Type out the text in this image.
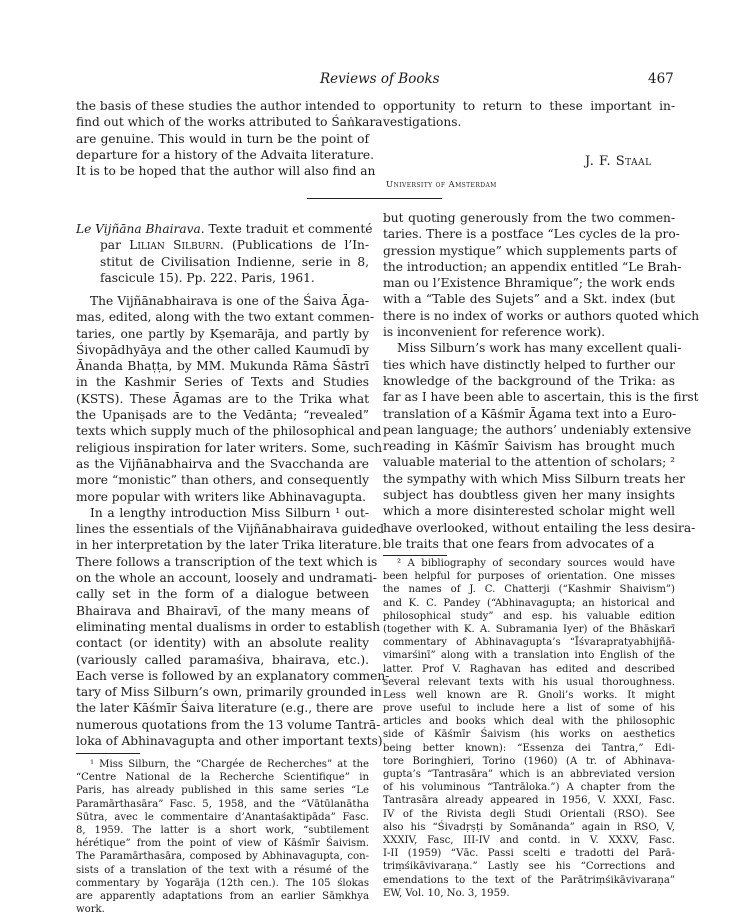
Reviews of Books	467
the basis of these studies the author intended to
find out which of the works attributed to Śaṅkara
are genuine. This would in turn be the point of
departure for a history of the Advaita literature.
It is to be hoped that the author will also find an
opportunity to return to these important in-
vestigations.
J. F. Staal
University of Amsterdam
Le Vijñāna Bhairava. Texte traduit et commenté
par Lilian Silburn. (Publications de l’In-
stitut de Civilisation Indienne, serie in 8,
fascicule 15). Pp. 222. Paris, 1961.
The Vijñānabhairava is one of the Śaiva Āga-
mas, edited, along with the two extant commen-
taries, one partly by Kṣemarāja, and partly by
Śivopādhyāya and the other called Kaumudī by
Ānanda Bhaṭṭa, by MM. Mukunda Rāma Śāstrī
in the Kashmir Series of Texts and Studies
(KSTS). These Āgamas are to the Trika what
the Upaniṣads are to the Vedānta; “revealed”
texts which supply much of the philosophical and
religious inspiration for later writers. Some, such
as the Vijñānabhairva and the Svacchanda are
more “monistic” than others, and consequently
more popular with writers like Abhinavagupta.
In a lengthy introduction Miss Silburn ¹ out-
lines the essentials of the Vijñānabhairava guided
in her interpretation by the later Trika literature.
There follows a transcription of the text which is
on the whole an account, loosely and undramati-
cally set in the form of a dialogue between
Bhairava and Bhairavī, of the many means of
eliminating mental dualisms in order to establish
contact (or identity) with an absolute reality
(variously called paramaśiva, bhairava, etc.).
Each verse is followed by an explanatory commen-
tary of Miss Silburn’s own, primarily grounded in
the later Kāśmīr Śaiva literature (e.g., there are
numerous quotations from the 13 volume Tantrā-
loka of Abhinavagupta and other important texts)
¹ Miss Silburn, the “Chargée de Recherches” at the
“Centre National de la Recherche Scientifique” in
Paris, has already published in this same series “Le
Paramārthasāra” Fasc. 5, 1958, and the “Vātūlanātha
Sūtra, avec le commentaire d’Anantaśaktipāda” Fasc.
8, 1959. The latter is a short work, “subtilement
hérétique” from the point of view of Kāśmīr Śaivism.
The Paramārthasāra, composed by Abhinavagupta, con-
sists of a translation of the text with a résumé of the
commentary by Yogarāja (12th cen.). The 105 ślokas
are apparently adaptations from an earlier Sāṃkhya
work.
but quoting generously from the two commen-
taries. There is a postface “Les cycles de la pro-
gression mystique” which supplements parts of
the introduction; an appendix entitled “Le Brah-
man ou l’Existence Bhramique”; the work ends
with a “Table des Sujets” and a Skt. index (but
there is no index of works or authors quoted which
is inconvenient for reference work).
Miss Silburn’s work has many excellent quali-
ties which have distinctly helped to further our
knowledge of the background of the Trika: as
far as I have been able to ascertain, this is the first
translation of a Kāśmīr Āgama text into a Euro-
pean language; the authors’ undeniably extensive
reading in Kāśmīr Śaivism has brought much
valuable material to the attention of scholars; ²
the sympathy with which Miss Silburn treats her
subject has doubtless given her many insights
which a more disinterested scholar might well
have overlooked, without entailing the less desira-
ble traits that one fears from advocates of a
² A bibliography of secondary sources would have
been helpful for purposes of orientation. One misses
the names of J. C. Chatterji (“Kashmir Shaivism”)
and K. C. Pandey (“Abhinavagupta; an historical and
philosophical study” and esp. his valuable edition
(together with K. A. Subramania Iyer) of the Bhāskarī
commentary of Abhinavagupta’s “Īśvarapratyabhijñā-
vimarśinī” along with a translation into English of the
latter. Prof V. Raghavan has edited and described
several relevant texts with his usual thoroughness.
Less well known are R. Gnoli’s works. It might
prove useful to include here a list of some of his
articles and books which deal with the philosophic
side of Kāśmīr Śaivism (his works on aesthetics
being better known): “Essenza dei Tantra,” Edi-
tore Boringhieri, Torino (1960) (A tr. of Abhinava-
gupta’s “Tantrasāra” which is an abbreviated version
of his voluminous “Tantrāloka.”) A chapter from the
Tantrasāra already appeared in 1956, V. XXXI, Fasc.
IV of the Rivista degli Studi Orientali (RSO). See
also his “Śivadṛṣṭi by Somānanda” again in RSO, V,
XXXIV, Fasc, III-IV and contd. in V. XXXV, Fasc.
I-II (1959) “Vāc. Passi scelti e tradotti del Parā-
triṃśikāvivaraṇa.” Lastly see his “Corrections and
emendations to the text of the Parātriṃśikāvivaraṇa”
EW, Vol. 10, No. 3, 1959.
